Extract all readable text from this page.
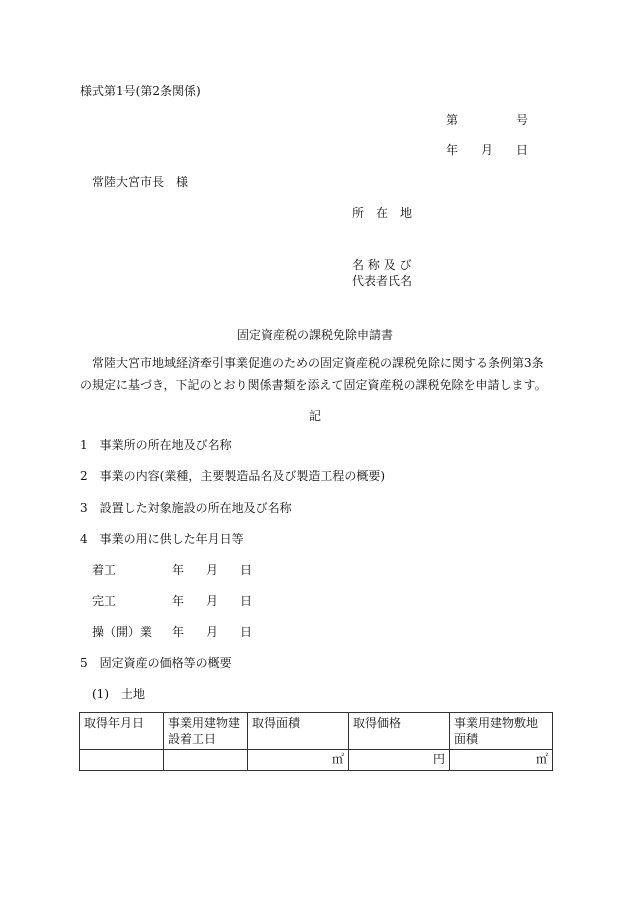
様式第1号(第2条関係)
第	号
年 月 日
常陸大宮市長　様
所　在　地
名 称 及 び
代表者氏名
固定資産税の課税免除申請書
常陸大宮市地域経済牽引事業促進のための固定資産税の課税免除に関する条例第3条の規定に基づき，下記のとおり関係書類を添えて固定資産税の課税免除を申請します。
記
1　事業所の所在地及び名称
2　事業の内容(業種，主要製造品名及び製造工程の概要)
3　設置した対象施設の所在地及び名称
4　事業の用に供した年月日等
着工	年 月 日
完工	年 月 日
操（開）業 年 月 日
5　固定資産の価格等の概要
(1)　土地
取得年月日	事業用建物建設着工日	取得面積	取得価格	事業用建物敷地面積
		㎡	円	㎡
